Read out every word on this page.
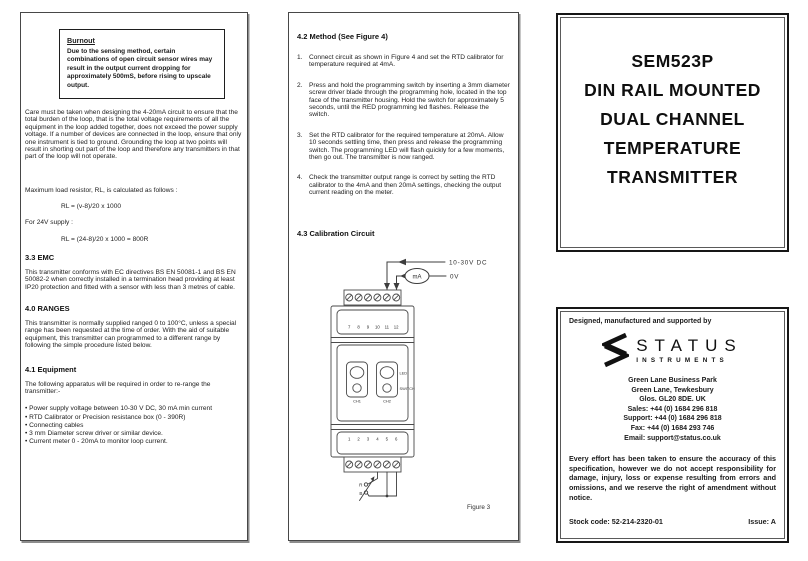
Burnout
Due to the sensing method, certain combinations of open circuit sensor wires may result in the output current dropping for approximately 500mS, before rising to upscale output.
Care must be taken when designing the 4-20mA circuit to ensure that the total burden of the loop, that is the total voltage requirements of all the equipment in the loop added together, does not exceed the power supply voltage. If a number of devices are connected in the loop, ensure that only one instrument is tied to ground. Grounding the loop at two points will result in shorting out part of the loop and therefore any transmitters in that part of the loop will not operate.
Maximum load resistor, RL, is calculated as follows :
RL = (v-8)/20 x 1000
For 24V supply :
RL = (24-8)/20 x 1000 = 800R
3.3 EMC
This transmitter conforms with EC directives BS EN 50081-1 and BS EN 50082-2 when correctly installed in a termination head providing at least IP20 protection and fitted with a sensor with less than 3 metres of cable.
4.0 RANGES
This transmitter is normally supplied ranged 0 to 100°C, unless a special range has been requested at the time of order. With the aid of suitable equipment, this transmitter can programmed to a different range by following the simple procedure listed below.
4.1 Equipment
The following apparatus will be required in order to re-range the transmitter:-
• Power supply voltage between 10-30 V DC, 30 mA min current
• RTD Calibrator or Precision resistance box (0 - 390R)
• Connecting cables
• 3 mm Diameter screw driver or similar device.
• Current meter 0 - 20mA to monitor loop current.
4.2 Method (See Figure 4)
1. Connect circuit as shown in Figure 4 and set the RTD calibrator for temperature required at 4mA.
2. Press and hold the programming switch by inserting a 3mm diameter screw driver blade through the programming hole, located in the top face of the transmitter housing. Hold the switch for approximately 5 seconds, until the RED programming led flashes. Release the switch.
3. Set the RTD calibrator for the required temperature at 20mA. Allow 10 seconds settling time, then press and release the programming switch. The programming LED will flash quickly for a few moments, then go out. The transmitter is now ranged.
4. Check the transmitter output range is correct by setting the RTD calibrator to the 4mA and then 20mA settings, checking the output current reading on the meter.
4.3 Calibration Circuit
10-30V DC
0V
mA
7 8 9 10 11 12
1 2 3 4 5 6
CH1	CH2
LED
SWITCH
R
B
Figure 3
SEM523P
DIN RAIL MOUNTED
DUAL CHANNEL
TEMPERATURE
TRANSMITTER
Designed, manufactured and supported by
STATUS
INSTRUMENTS
Green Lane Business Park
Green Lane, Tewkesbury
Glos. GL20 8DE. UK
Sales: +44 (0) 1684 296 818
Support: +44 (0) 1684 296 818
Fax: +44 (0) 1684 293 746
Email: support@status.co.uk
Every effort has been taken to ensure the accuracy of this specification, however we do not accept responsibility for damage, injury, loss or expense resulting from errors and omissions, and we reserve the right of amendment without notice.
Stock code: 52-214-2320-01	Issue: A
